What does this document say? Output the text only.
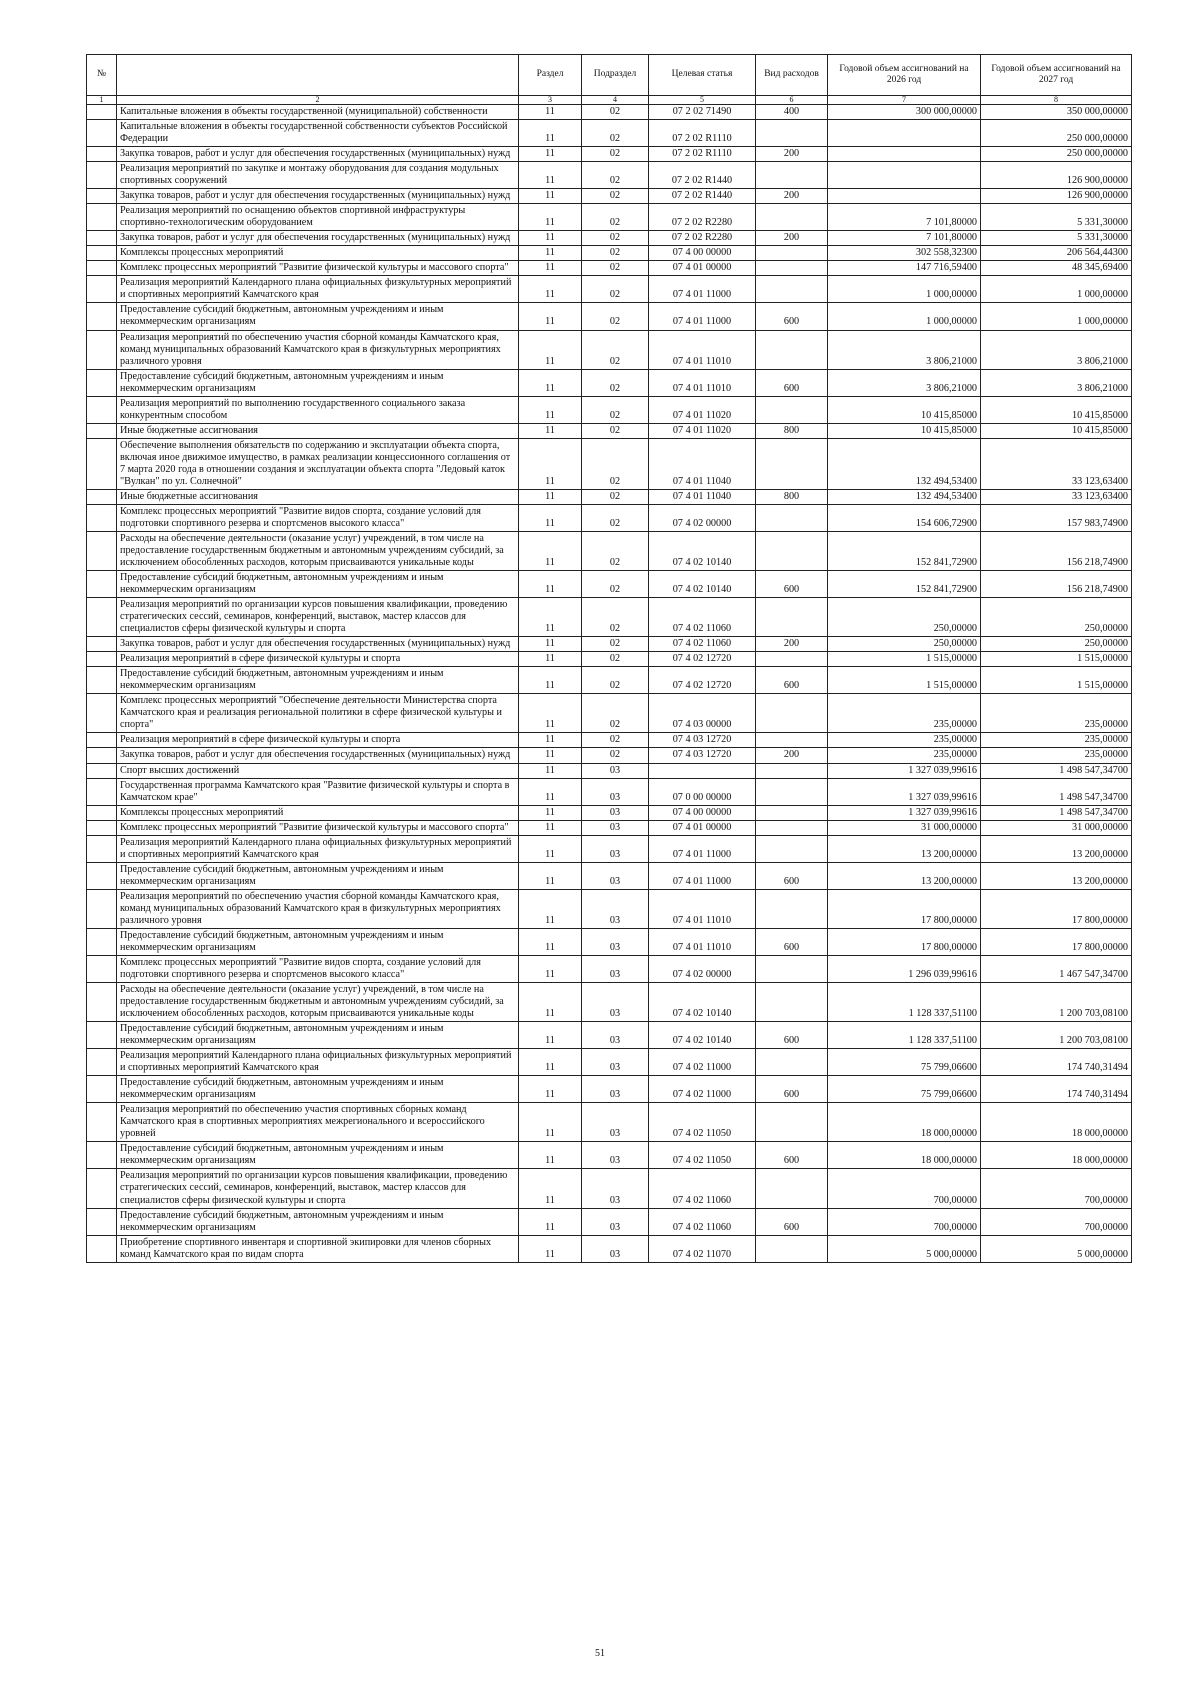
№		Раздел	Подраздел	Целевая статья	Вид расходов	Годовой объем ассигнований на 2026 год	Годовой объем ассигнований на 2027 год
1	2	3	4	5	6	7	8
	Капитальные вложения в объекты государственной (муниципальной) собственности	11	02	07 2 02 71490	400	300 000,00000	350 000,00000
	Капитальные вложения в объекты государственной собственности субъектов Российской Федерации	11	02	07 2 02 R1110			250 000,00000
	Закупка товаров, работ и услуг для обеспечения государственных (муниципальных) нужд	11	02	07 2 02 R1110	200		250 000,00000
	Реализация мероприятий по закупке и монтажу оборудования для создания модульных спортивных сооружений	11	02	07 2 02 R1440			126 900,00000
	Закупка товаров, работ и услуг для обеспечения государственных (муниципальных) нужд	11	02	07 2 02 R1440	200		126 900,00000
	Реализация мероприятий по оснащению объектов спортивной инфраструктуры спортивно-технологическим оборудованием	11	02	07 2 02 R2280		7 101,80000	5 331,30000
	Закупка товаров, работ и услуг для обеспечения государственных (муниципальных) нужд	11	02	07 2 02 R2280	200	7 101,80000	5 331,30000
	Комплексы процессных мероприятий	11	02	07 4 00 00000		302 558,32300	206 564,44300
	Комплекс процессных мероприятий "Развитие физической культуры и массового спорта"	11	02	07 4 01 00000		147 716,59400	48 345,69400
	Реализация мероприятий Календарного плана официальных физкультурных мероприятий и спортивных мероприятий Камчатского края	11	02	07 4 01 11000		1 000,00000	1 000,00000
	Предоставление субсидий бюджетным, автономным учреждениям и иным некоммерческим организациям	11	02	07 4 01 11000	600	1 000,00000	1 000,00000
	Реализация мероприятий по обеспечению участия сборной команды Камчатского края, команд муниципальных образований Камчатского края в физкультурных мероприятиях различного уровня	11	02	07 4 01 11010		3 806,21000	3 806,21000
	Предоставление субсидий бюджетным, автономным учреждениям и иным некоммерческим организациям	11	02	07 4 01 11010	600	3 806,21000	3 806,21000
	Реализация мероприятий по выполнению государственного социального заказа конкурентным способом	11	02	07 4 01 11020		10 415,85000	10 415,85000
	Иные бюджетные ассигнования	11	02	07 4 01 11020	800	10 415,85000	10 415,85000
	Обеспечение выполнения обязательств по содержанию и эксплуатации объекта спорта, включая иное движимое имущество, в рамках реализации концессионного соглашения от 7 марта 2020 года в отношении создания и эксплуатации объекта спорта "Ледовый каток "Вулкан" по ул. Солнечной"	11	02	07 4 01 11040		132 494,53400	33 123,63400
	Иные бюджетные ассигнования	11	02	07 4 01 11040	800	132 494,53400	33 123,63400
	Комплекс процессных мероприятий "Развитие видов спорта, создание условий для подготовки спортивного резерва и спортсменов высокого класса"	11	02	07 4 02 00000		154 606,72900	157 983,74900
	Расходы на обеспечение деятельности (оказание услуг) учреждений, в том числе на предоставление государственным бюджетным и автономным учреждениям субсидий, за исключением обособленных расходов, которым присваиваются уникальные коды	11	02	07 4 02 10140		152 841,72900	156 218,74900
	Предоставление субсидий бюджетным, автономным учреждениям и иным некоммерческим организациям	11	02	07 4 02 10140	600	152 841,72900	156 218,74900
	Реализация мероприятий по организации курсов повышения квалификации, проведению стратегических сессий, семинаров, конференций, выставок, мастер классов для специалистов сферы физической культуры и спорта	11	02	07 4 02 11060		250,00000	250,00000
	Закупка товаров, работ и услуг для обеспечения государственных (муниципальных) нужд	11	02	07 4 02 11060	200	250,00000	250,00000
	Реализация мероприятий в сфере физической культуры и спорта	11	02	07 4 02 12720		1 515,00000	1 515,00000
	Предоставление субсидий бюджетным, автономным учреждениям и иным некоммерческим организациям	11	02	07 4 02 12720	600	1 515,00000	1 515,00000
	Комплекс процессных мероприятий "Обеспечение деятельности Министерства спорта Камчатского края и реализация региональной политики в сфере физической культуры и спорта"	11	02	07 4 03 00000		235,00000	235,00000
	Реализация мероприятий в сфере физической культуры и спорта	11	02	07 4 03 12720		235,00000	235,00000
	Закупка товаров, работ и услуг для обеспечения государственных (муниципальных) нужд	11	02	07 4 03 12720	200	235,00000	235,00000
	Спорт высших достижений	11	03			1 327 039,99616	1 498 547,34700
	Государственная программа Камчатского края "Развитие физической культуры и спорта в Камчатском крае"	11	03	07 0 00 00000		1 327 039,99616	1 498 547,34700
	Комплексы процессных мероприятий	11	03	07 4 00 00000		1 327 039,99616	1 498 547,34700
	Комплекс процессных мероприятий "Развитие физической культуры и массового спорта"	11	03	07 4 01 00000		31 000,00000	31 000,00000
	Реализация мероприятий Календарного плана официальных физкультурных мероприятий и спортивных мероприятий Камчатского края	11	03	07 4 01 11000		13 200,00000	13 200,00000
	Предоставление субсидий бюджетным, автономным учреждениям и иным некоммерческим организациям	11	03	07 4 01 11000	600	13 200,00000	13 200,00000
	Реализация мероприятий по обеспечению участия сборной команды Камчатского края, команд муниципальных образований Камчатского края в физкультурных мероприятиях различного уровня	11	03	07 4 01 11010		17 800,00000	17 800,00000
	Предоставление субсидий бюджетным, автономным учреждениям и иным некоммерческим организациям	11	03	07 4 01 11010	600	17 800,00000	17 800,00000
	Комплекс процессных мероприятий "Развитие видов спорта, создание условий для подготовки спортивного резерва и спортсменов высокого класса"	11	03	07 4 02 00000		1 296 039,99616	1 467 547,34700
	Расходы на обеспечение деятельности (оказание услуг) учреждений, в том числе на предоставление государственным бюджетным и автономным учреждениям субсидий, за исключением обособленных расходов, которым присваиваются уникальные коды	11	03	07 4 02 10140		1 128 337,51100	1 200 703,08100
	Предоставление субсидий бюджетным, автономным учреждениям и иным некоммерческим организациям	11	03	07 4 02 10140	600	1 128 337,51100	1 200 703,08100
	Реализация мероприятий Календарного плана официальных физкультурных мероприятий и спортивных мероприятий Камчатского края	11	03	07 4 02 11000		75 799,06600	174 740,31494
	Предоставление субсидий бюджетным, автономным учреждениям и иным некоммерческим организациям	11	03	07 4 02 11000	600	75 799,06600	174 740,31494
	Реализация мероприятий по обеспечению участия спортивных сборных команд Камчатского края в спортивных мероприятиях межрегионального и всероссийского уровней	11	03	07 4 02 11050		18 000,00000	18 000,00000
	Предоставление субсидий бюджетным, автономным учреждениям и иным некоммерческим организациям	11	03	07 4 02 11050	600	18 000,00000	18 000,00000
	Реализация мероприятий по организации курсов повышения квалификации, проведению стратегических сессий, семинаров, конференций, выставок, мастер классов для специалистов сферы физической культуры и спорта	11	03	07 4 02 11060		700,00000	700,00000
	Предоставление субсидий бюджетным, автономным учреждениям и иным некоммерческим организациям	11	03	07 4 02 11060	600	700,00000	700,00000
	Приобретение спортивного инвентаря и спортивной экипировки для членов сборных команд Камчатского края по видам спорта	11	03	07 4 02 11070		5 000,00000	5 000,00000
51
